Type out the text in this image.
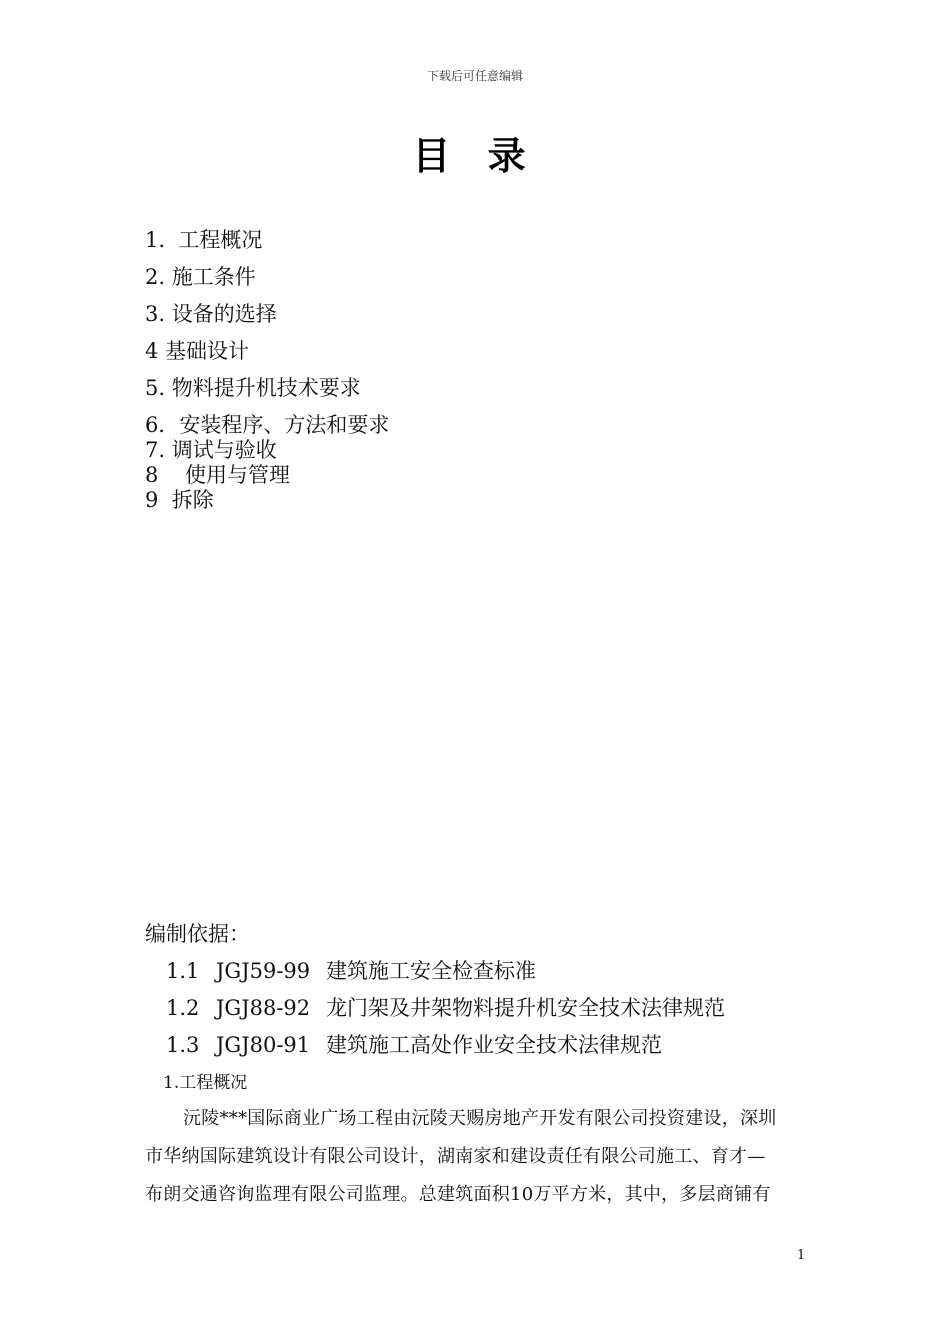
下载后可任意编辑
目 录
1.  工程概况
2. 施工条件
3. 设备的选择
4 基础设计
5. 物料提升机技术要求
6．安装程序、方法和要求
7. 调试与验收
8    使用与管理
9  拆除
编制依据：
1.1 JGJ59-99 建筑施工安全检查标准
1.2 JGJ88-92 龙门架及井架物料提升机安全技术法律规范
1.3 JGJ80-91 建筑施工高处作业安全技术法律规范
1.工程概况
沅陵***国际商业广场工程由沅陵天赐房地产开发有限公司投资建设，深圳
市华纳国际建筑设计有限公司设计，湖南家和建设责任有限公司施工、育才—
布朗交通咨询监理有限公司监理。总建筑面积10万平方米，其中，多层商铺有
1
